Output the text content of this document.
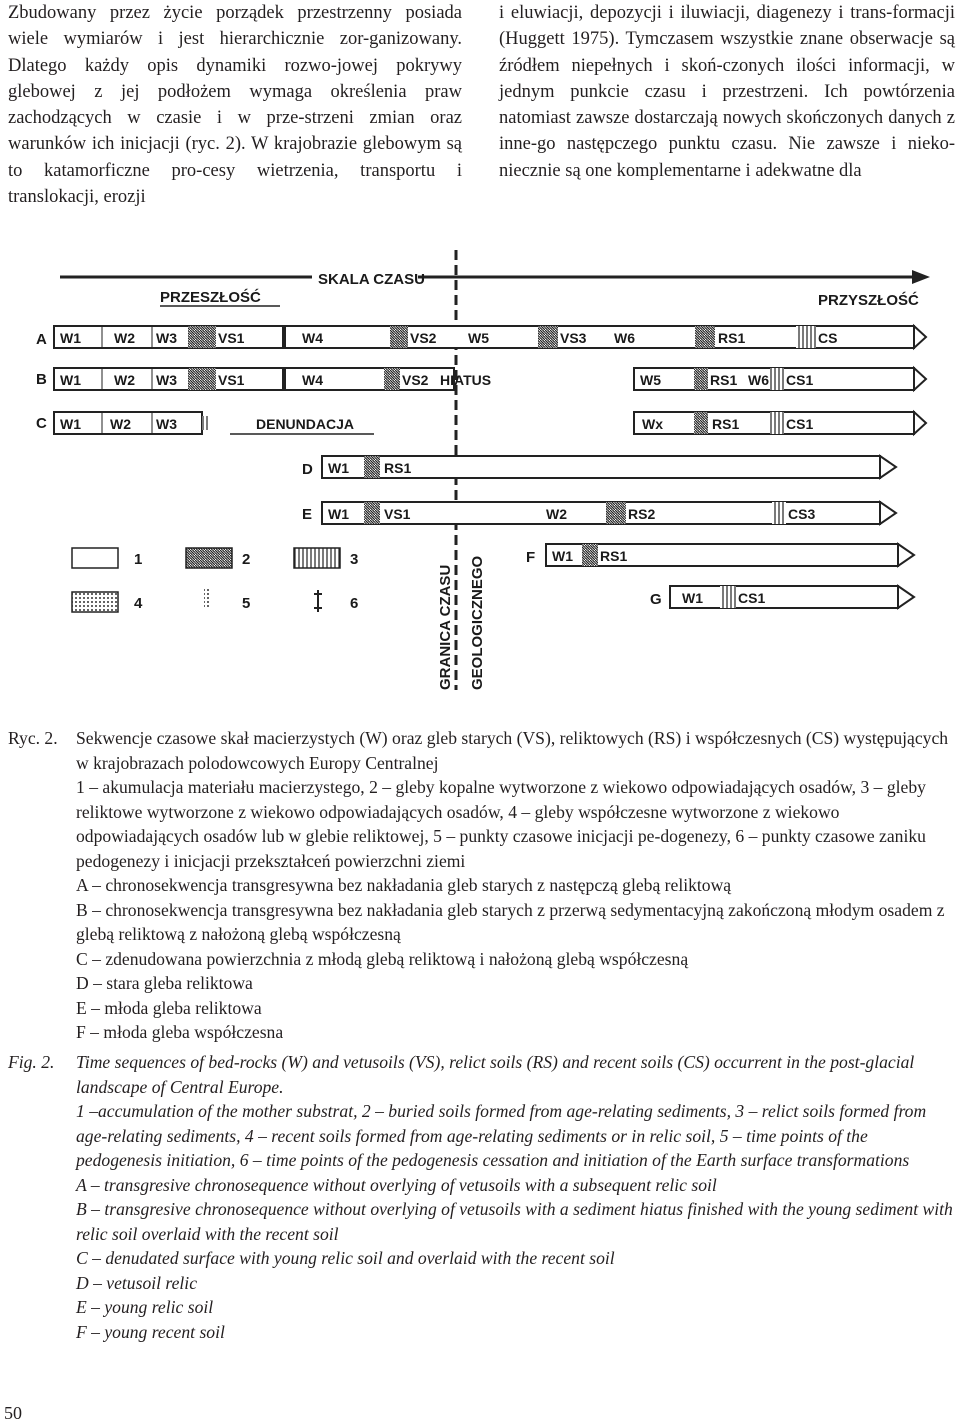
Zbudowany przez życie porządek przestrzenny posiada wiele wymiarów i jest hierarchicznie zor-ganizowany. Dlatego każdy opis dynamiki rozwo-jowej pokrywy glebowej z jej podłożem wymaga określenia praw zachodzących w czasie i w prze-strzeni zmian oraz warunków ich inicjacji (ryc. 2). W krajobrazie glebowym są to katamorficzne pro-cesy wietrzenia, transportu i translokacji, erozji

i eluwiacji, depozycji i iluwiacji, diagenezy i trans-formacji (Huggett 1975). Tymczasem wszystkie znane obserwacje są źródłem niepełnych i skoń-czonych ilości informacji, w jednym punkcie czasu i przestrzeni. Ich powtórzenia natomiast zawsze dostarczają nowych skończonych danych z inne-go następczego punktu czasu. Nie zawsze i nieko-niecznie są one komplementarne i adekwatne dla

SKALA CZASU
PRZESZŁOŚĆ	PRZYSZŁOŚĆ
GRANICA CZASU GEOLOGICZNEGO
A W1 W2 W3	VS1	W4	VS2 W5	VS3 W6	RS1	CS
B W1 W2 W3	VS1	W4	VS2 HIATUS	W5	RS1 W6 CS1
C W1 W2 W3	DENUNDACJA	Wx	RS1	CS1
D W1	RS1
E W1	VS1	W2	RS2	CS3
F W1 RS1
G W1	CS1
1	2	3
4	5	6
Ryc. 2. Sekwencje czasowe skał macierzystych (W) oraz gleb starych (VS), reliktowych (RS) i współczesnych (CS) występujących w krajobrazach polodowcowych Europy Centralnej
1 – akumulacja materiału macierzystego, 2 – gleby kopalne wytworzone z wiekowo odpowiadających osadów, 3 – gleby reliktowe wytworzone z wiekowo odpowiadających osadów, 4 – gleby współczesne wytworzone z wiekowo odpowiadających osadów lub w glebie reliktowej, 5 – punkty czasowe inicjacji pe-dogenezy, 6 – punkty czasowe zaniku pedogenezy i inicjacji przekształceń powierzchni ziemi
A – chronosekwencja transgresywna bez nakładania gleb starych z następczą glebą reliktową
B – chronosekwencja transgresywna bez nakładania gleb starych z przerwą sedymentacyjną zakończoną młodym osadem z glebą reliktową z nałożoną glebą współczesną
C – zdenudowana powierzchnia z młodą glebą reliktową i nałożoną glebą współczesną
D – stara gleba reliktowa
E – młoda gleba reliktowa
F – młoda gleba współczesna
Fig. 2. Time sequences of bed-rocks (W) and vetusoils (VS), relict soils (RS) and recent soils (CS) occurrent in the post-glacial landscape of Central Europe.
1 –accumulation of the mother substrat, 2 – buried soils formed from age-relating sediments, 3 – relict soils formed from age-relating sediments, 4 – recent soils formed from age-relating sediments or in relic soil, 5 – time points of the pedogenesis initiation, 6 – time points of the pedogenesis cessation and initiation of the Earth surface transformations
A – transgresive chronosequence without overlying of vetusoils with a subsequent relic soil
B – transgresive chronosequence without overlying of vetusoils with a sediment hiatus finished with the young sediment with relic soil overlaid with the recent soil
C – denudated surface with young relic soil and overlaid with the recent soil
D – vetusoil relic
E – young relic soil
F – young recent soil
50
